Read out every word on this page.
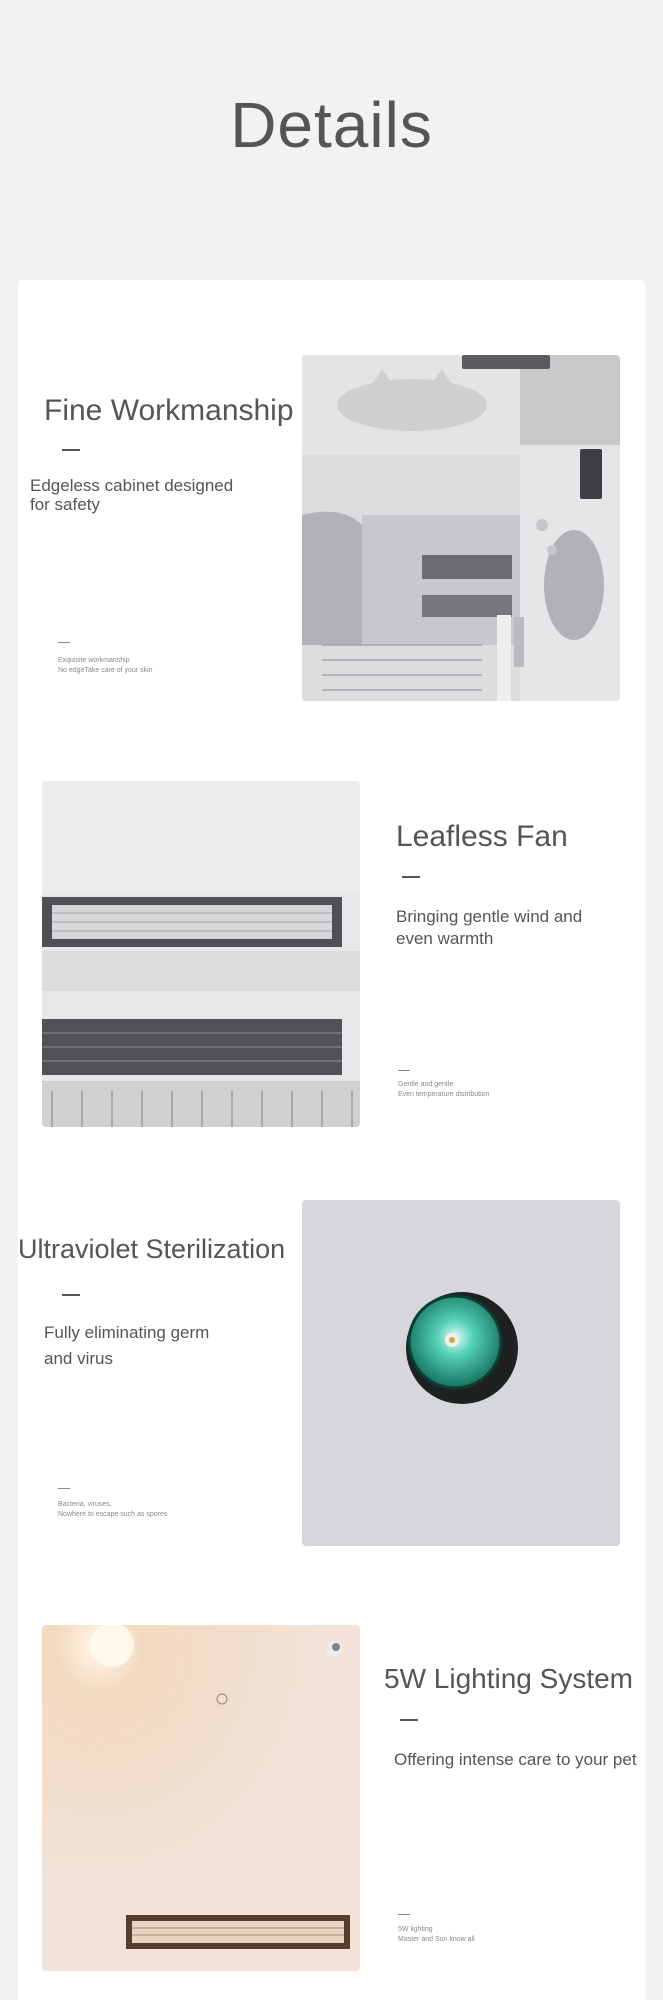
Details
Fine Workmanship

Edgeless cabinet designed
for safety

Exquisite workmanship
No edgeTake care of your skin

Leafless Fan

Bringing gentle wind and
even warmth

Gentle and gentle
Even temperature distribution

Ultraviolet Sterilization

Fully eliminating germ
and virus

Bacteria, viruses,
Nowhere to escape such as spores

5W Lighting System

Offering intense care to your pet

5W lighting
Master and Son know all
